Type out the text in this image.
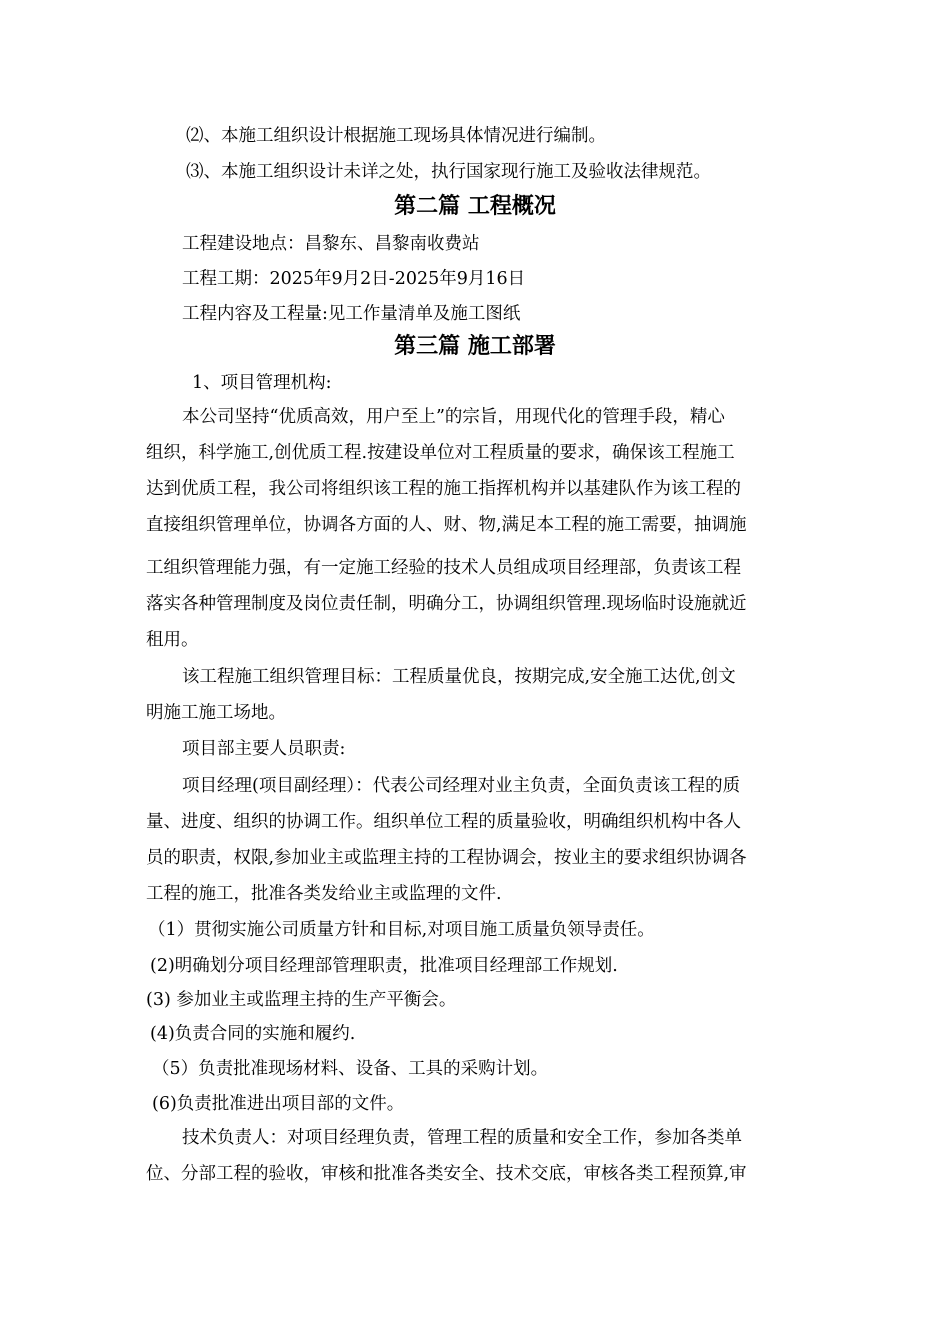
⑵、本施工组织设计根据施工现场具体情况进行编制。
⑶、本施工组织设计未详之处，执行国家现行施工及验收法律规范。
第二篇 工程概况
工程建设地点：昌黎东、昌黎南收费站
工程工期：2025年9月2日-2025年9月16日
工程内容及工程量:见工作量清单及施工图纸
第三篇 施工部署
1、项目管理机构:
本公司坚持“优质高效，用户至上”的宗旨，用现代化的管理手段，精心
组织，科学施工,创优质工程.按建设单位对工程质量的要求，确保该工程施工
达到优质工程，我公司将组织该工程的施工指挥机构并以基建队作为该工程的
直接组织管理单位，协调各方面的人、财、物,满足本工程的施工需要，抽调施
工组织管理能力强，有一定施工经验的技术人员组成项目经理部，负责该工程
落实各种管理制度及岗位责任制，明确分工，协调组织管理.现场临时设施就近
租用。
该工程施工组织管理目标：工程质量优良，按期完成,安全施工达优,创文
明施工施工场地。
项目部主要人员职责:
项目经理(项目副经理）：代表公司经理对业主负责，全面负责该工程的质
量、进度、组织的协调工作。组织单位工程的质量验收，明确组织机构中各人
员的职责，权限,参加业主或监理主持的工程协调会，按业主的要求组织协调各
工程的施工，批准各类发给业主或监理的文件.
（1）贯彻实施公司质量方针和目标,对项目施工质量负领导责任。
(2)明确划分项目经理部管理职责，批准项目经理部工作规划.
(3) 参加业主或监理主持的生产平衡会。
(4)负责合同的实施和履约.
（5）负责批准现场材料、设备、工具的采购计划。
(6)负责批准进出项目部的文件。
技术负责人：对项目经理负责，管理工程的质量和安全工作，参加各类单
位、分部工程的验收，审核和批准各类安全、技术交底，审核各类工程预算,审
